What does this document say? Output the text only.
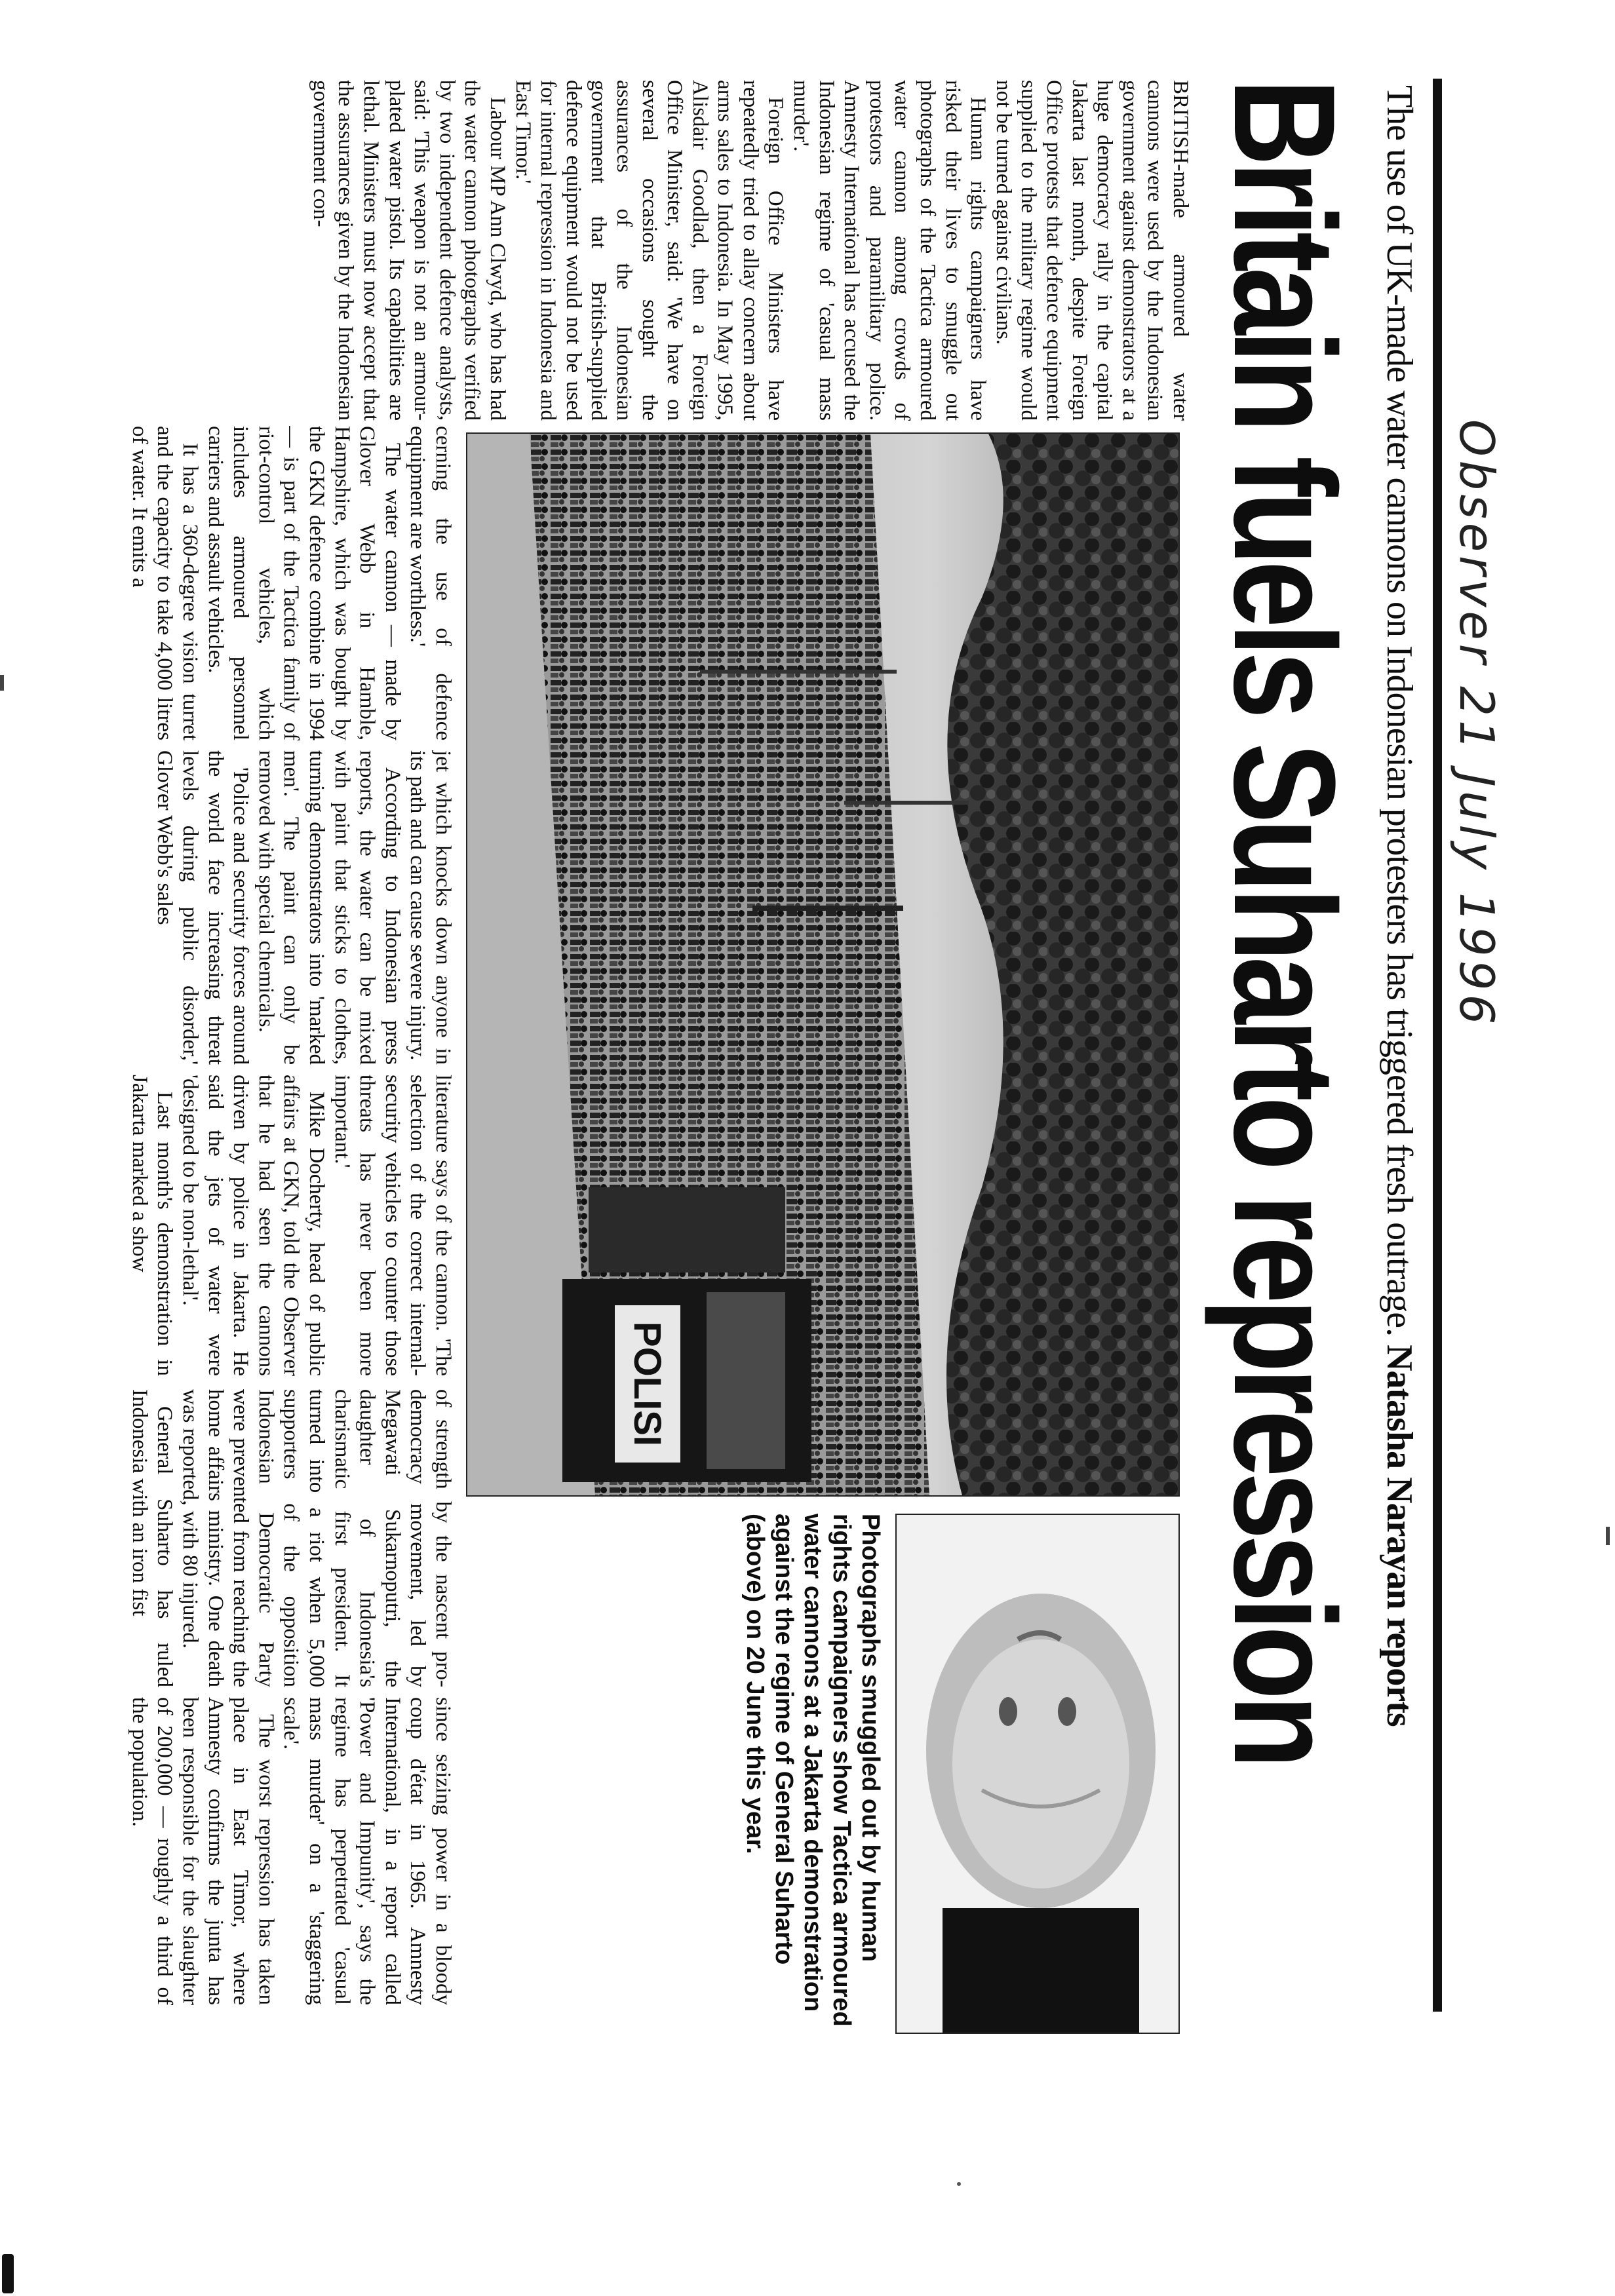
Observer 21 July 1996
The use of UK-made water cannons on Indonesian protesters has triggered fresh outrage. Natasha Narayan reports
Britain fuels Suharto repression

BRITISH-made armoured water cannons were used by the Indonesian government against demonstrators at a huge democracy rally in the capital Jakarta last month, despite Foreign Office protests that defence equipment supplied to the military regime would not be turned against civilians.

Human rights campaigners have risked their lives to smuggle out photographs of the Tactica armoured water cannon among crowds of protestors and paramilitary police. Amnesty International has accused the Indonesian regime of 'casual mass murder'.

Foreign Office Ministers have repeatedly tried to allay concern about arms sales to Indonesia. In May 1995, Alisdair Goodlad, then a Foreign Office Minister, said: 'We have on several occasions sought the assurances of the Indonesian government that British-supplied defence equipment would not be used for internal repression in Indonesia and East Timor.'

Labour MP Ann Clwyd, who has had the water cannon photographs verified by two independent defence analysts, said: 'This weapon is not an armour-plated water pistol. Its capabilities are lethal. Ministers must now accept that the assurances given by the Indonesian government con-

POLISI
Photographs smuggled out by human rights campaigners show Tactica armoured water cannons at a Jakarta demonstration against the regime of General Suharto (above) on 20 June this year.

cerning the use of defence equipment are worthless.'

The water cannon — made by Glover Webb in Hamble, Hampshire, which was bought by the GKN defence combine in 1994 — is part of the Tactica family of riot-control vehicles, which includes armoured personnel carriers and assault vehicles.

It has a 360-degree vision turret and the capacity to take 4,000 litres of water. It emits a

jet which knocks down anyone in its path and can cause severe injury.

According to Indonesian press reports, the water can be mixed with paint that sticks to clothes, turning demonstrators into 'marked men'. The paint can only be removed with special chemicals.

'Police and security forces around the world face increasing threat levels during public disorder,' Glover Webb's sales

literature says of the cannon. 'The selection of the correct internal-security vehicles to counter those threats has never been more important.'

Mike Docherty, head of public affairs at GKN, told the Observer that he had seen the cannons driven by police in Jakarta. He said the jets of water were 'designed to be non-lethal'.

Last month's demonstration in Jakarta marked a show

of strength by the nascent pro-democracy movement, led by Megawati Sukarnoputri, the daughter of Indonesia's charismatic first president. It turned into a riot when 5,000 supporters of the opposition Indonesian Democratic Party were prevented from reaching the home affairs ministry. One death was reported, with 80 injured.

General Suharto has ruled Indonesia with an iron fist

since seizing power in a bloody coup d'état in 1965. Amnesty International, in a report called 'Power and Impunity', says the regime has perpetrated 'casual mass murder' on a 'staggering scale'.

The worst repression has taken place in East Timor, where Amnesty confirms the junta has been responsible for the slaughter of 200,000 — roughly a third of the population.
